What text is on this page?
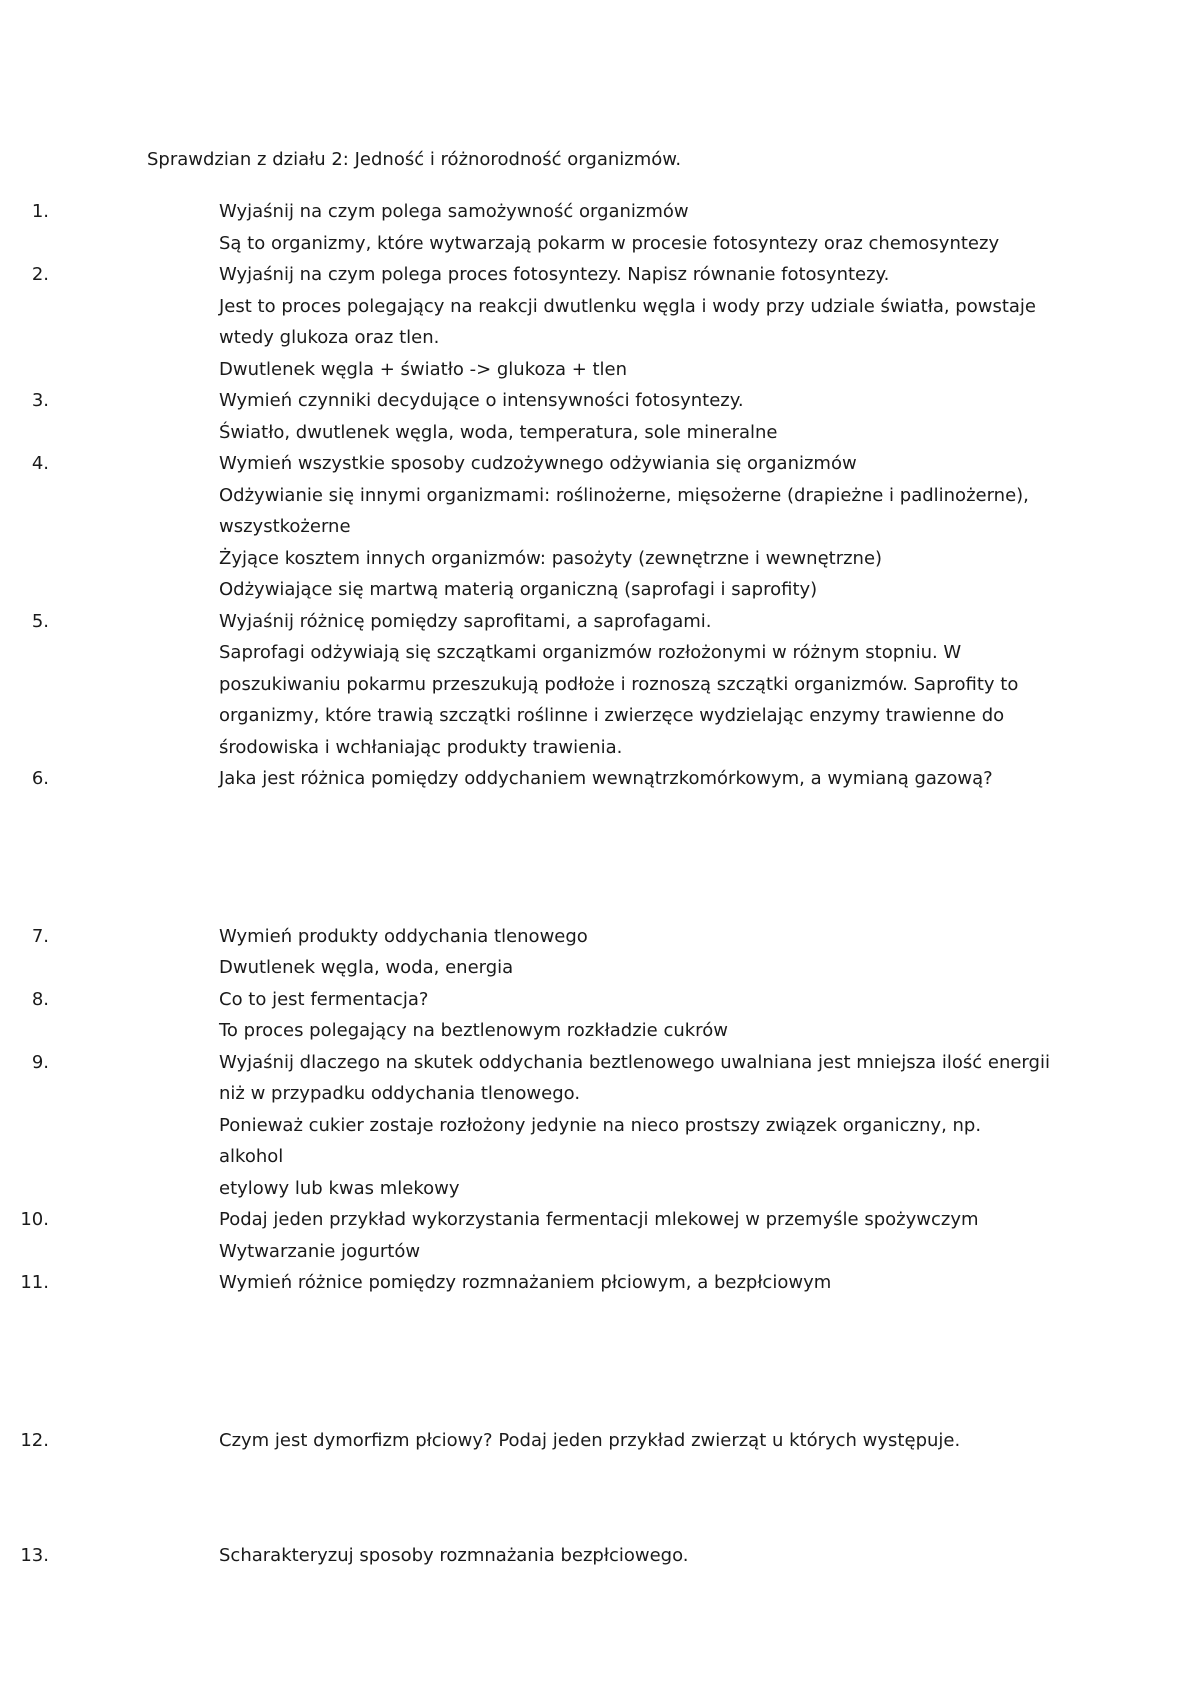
Sprawdzian z działu 2: Jedność i różnorodność organizmów.
1.	Wyjaśnij na czym polega samożywność organizmów
Są to organizmy, które wytwarzają pokarm w procesie fotosyntezy oraz chemosyntezy
2.	Wyjaśnij na czym polega proces fotosyntezy. Napisz równanie fotosyntezy.
Jest to proces polegający na reakcji dwutlenku węgla i wody przy udziale światła, powstaje
wtedy glukoza oraz tlen.
Dwutlenek węgla + światło -> glukoza + tlen
3.	Wymień czynniki decydujące o intensywności fotosyntezy.
Światło, dwutlenek węgla, woda, temperatura, sole mineralne
4.	Wymień wszystkie sposoby cudzożywnego odżywiania się organizmów
Odżywianie się innymi organizmami: roślinożerne, mięsożerne (drapieżne i padlinożerne),
wszystkożerne
Żyjące kosztem innych organizmów: pasożyty (zewnętrzne i wewnętrzne)
Odżywiające się martwą materią organiczną (saprofagi i saprofity)
5.	Wyjaśnij różnicę pomiędzy saprofitami, a saprofagami.
Saprofagi odżywiają się szczątkami organizmów rozłożonymi w różnym stopniu. W
poszukiwaniu pokarmu przeszukują podłoże i roznoszą szczątki organizmów. Saprofity to
organizmy, które trawią szczątki roślinne i zwierzęce wydzielając enzymy trawienne do
środowiska i wchłaniając produkty trawienia.
6.	Jaka jest różnica pomiędzy oddychaniem wewnątrzkomórkowym, a wymianą gazową?
7.	Wymień produkty oddychania tlenowego
Dwutlenek węgla, woda, energia
8.	Co to jest fermentacja?
To proces polegający na beztlenowym rozkładzie cukrów
9.	Wyjaśnij dlaczego na skutek oddychania beztlenowego uwalniana jest mniejsza ilość energii
niż w przypadku oddychania tlenowego.
Ponieważ cukier zostaje rozłożony jedynie na nieco prostszy związek organiczny, np. alkohol
etylowy lub kwas mlekowy
10.	Podaj jeden przykład wykorzystania fermentacji mlekowej w przemyśle spożywczym
Wytwarzanie jogurtów
11.	Wymień różnice pomiędzy rozmnażaniem płciowym, a bezpłciowym
12.	Czym jest dymorfizm płciowy? Podaj jeden przykład zwierząt u których występuje.
13.	Scharakteryzuj sposoby rozmnażania bezpłciowego.
